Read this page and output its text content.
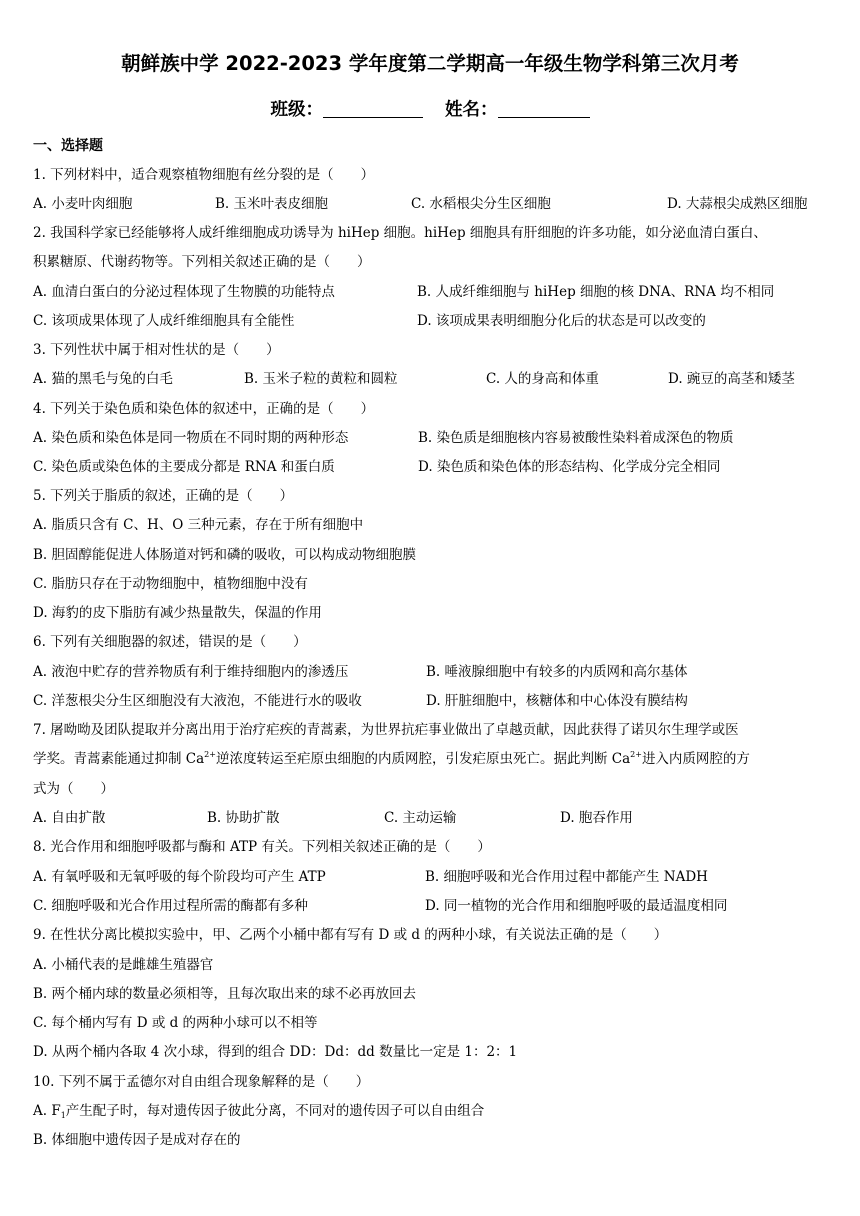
朝鲜族中学 2022-2023 学年度第二学期高一年级生物学科第三次月考
班级：	姓名：
一、选择题
1. 下列材料中，适合观察植物细胞有丝分裂的是（　　）
A. 小麦叶肉细胞	B. 玉米叶表皮细胞	C. 水稻根尖分生区细胞	D. 大蒜根尖成熟区细胞
2. 我国科学家已经能够将人成纤维细胞成功诱导为 hiHep 细胞。hiHep 细胞具有肝细胞的许多功能，如分泌血清白蛋白、
积累糖原、代谢药物等。下列相关叙述正确的是（　　）
A. 血清白蛋白的分泌过程体现了生物膜的功能特点	B. 人成纤维细胞与 hiHep 细胞的核 DNA、RNA 均不相同
C. 该项成果体现了人成纤维细胞具有全能性	D. 该项成果表明细胞分化后的状态是可以改变的
3. 下列性状中属于相对性状的是（　　）
A. 猫的黑毛与兔的白毛	B. 玉米子粒的黄粒和圆粒	C. 人的身高和体重	D. 豌豆的高茎和矮茎
4. 下列关于染色质和染色体的叙述中，正确的是（　　）
A. 染色质和染色体是同一物质在不同时期的两种形态	B. 染色质是细胞核内容易被酸性染料着成深色的物质
C. 染色质或染色体的主要成分都是 RNA 和蛋白质	D. 染色质和染色体的形态结构、化学成分完全相同
5. 下列关于脂质的叙述，正确的是（　　）
A. 脂质只含有 C、H、O 三种元素，存在于所有细胞中
B. 胆固醇能促进人体肠道对钙和磷的吸收，可以构成动物细胞膜
C. 脂肪只存在于动物细胞中，植物细胞中没有
D. 海豹的皮下脂肪有减少热量散失，保温的作用
6. 下列有关细胞器的叙述，错误的是（　　）
A. 液泡中贮存的营养物质有利于维持细胞内的渗透压	B. 唾液腺细胞中有较多的内质网和高尔基体
C. 洋葱根尖分生区细胞没有大液泡，不能进行水的吸收	D. 肝脏细胞中，核糖体和中心体没有膜结构
7. 屠呦呦及团队提取并分离出用于治疗疟疾的青蒿素，为世界抗疟事业做出了卓越贡献，因此获得了诺贝尔生理学或医
学奖。青蒿素能通过抑制 $Ca^{2+}$逆浓度转运至疟原虫细胞的内质网腔，引发疟原虫死亡。据此判断 $Ca^{2+}$进入内质网腔的方
式为（　　）
A. 自由扩散	B. 协助扩散	C. 主动运输	D. 胞吞作用
8. 光合作用和细胞呼吸都与酶和 ATP 有关。下列相关叙述正确的是（　　）
A. 有氧呼吸和无氧呼吸的每个阶段均可产生 ATP	B. 细胞呼吸和光合作用过程中都能产生 NADH
C. 细胞呼吸和光合作用过程所需的酶都有多种	D. 同一植物的光合作用和细胞呼吸的最适温度相同
9. 在性状分离比模拟实验中，甲、乙两个小桶中都有写有 D 或 d 的两种小球，有关说法正确的是（　　）
A. 小桶代表的是雌雄生殖器官
B. 两个桶内球的数量必须相等，且每次取出来的球不必再放回去
C. 每个桶内写有 D 或 d 的两种小球可以不相等
D. 从两个桶内各取 4 次小球，得到的组合 DD：Dd：dd 数量比一定是 1：2：1
10. 下列不属于孟德尔对自由组合现象解释的是（　　）
A. $F_1$产生配子时，每对遗传因子彼此分离，不同对的遗传因子可以自由组合
B. 体细胞中遗传因子是成对存在的
